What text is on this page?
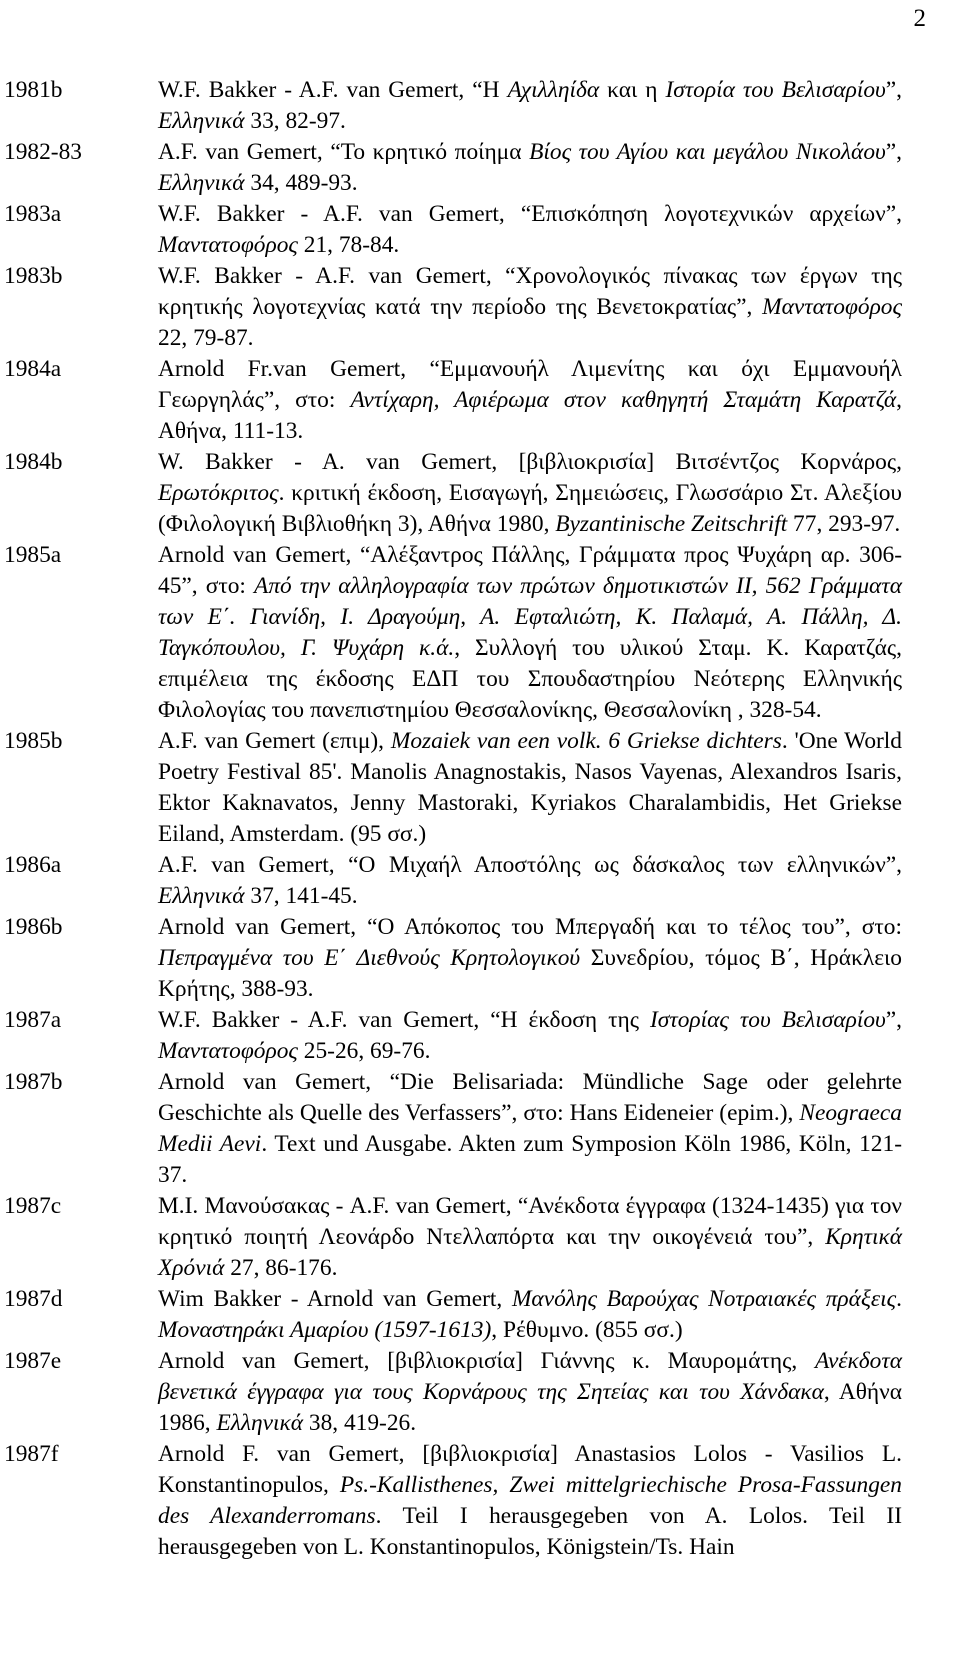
2
1981b	W.F. Bakker - A.F. van Gemert, “Η Αχιλληίδα και η Ιστορία του Βελισαρίου”, Ελληνικά 33, 82-97.
1982-83	A.F. van Gemert, “Το κρητικό ποίημα Βίος του Αγίου και μεγάλου Νικολάου”, Ελληνικά 34, 489-93.
1983a	W.F. Bakker - A.F. van Gemert, “Επισκόπηση λογοτεχνικών αρχείων”, Μαντατοφόρος 21, 78-84.
1983b	W.F. Bakker - A.F. van Gemert, “Χρονολογικός πίνακας των έργων της κρητικής λογοτεχνίας κατά την περίοδο της Βενετοκρατίας”, Μαντατοφόρος 22, 79-87.
1984a	Arnold Fr.van Gemert, “Εμμανουήλ Λιμενίτης και όχι Εμμανουήλ Γεωργηλάς”, στο: Αντίχαρη, Αφιέρωμα στον καθηγητή Σταμάτη Καρατζά, Αθήνα, 111-13.
1984b	W. Bakker - A. van Gemert, [βιβλιοκρισία] Βιτσέντζος Κορνάρος, Ερωτόκριτος. κριτική έκδοση, Εισαγωγή, Σημειώσεις, Γλωσσάριο Στ. Αλεξίου (Φιλολογική Βιβλιοθήκη 3), Αθήνα 1980, Byzantinische Zeitschrift 77, 293-97.
1985a	Arnold van Gemert, “Αλέξαντρος Πάλλης, Γράμματα προς Ψυχάρη αρ. 306-45”, στο: Από την αλληλογραφία των πρώτων δημοτικιστών ΙΙ, 562 Γράμματα των Ε΄. Γιανίδη, Ι. Δραγούμη, Α. Εφταλιώτη, Κ. Παλαμά, Α. Πάλλη, Δ. Ταγκόπουλου, Γ. Ψυχάρη κ.ά., Συλλογή του υλικού Σταμ. Κ. Καρατζάς, επιμέλεια της έκδοσης ΕΔΠ του Σπουδαστηρίου Νεότερης Ελληνικής Φιλολογίας του πανεπιστημίου Θεσσαλονίκης, Θεσσαλονίκη , 328-54.
1985b	A.F. van Gemert (επιμ), Mozaiek van een volk. 6 Griekse dichters. 'One World Poetry Festival 85'. Manolis Anagnostakis, Nasos Vayenas, Alexandros Isaris, Ektor Kaknavatos, Jenny Mastoraki, Kyriakos Charalambidis, Het Griekse Eiland, Amsterdam. (95 σσ.)
1986a	A.F. van Gemert, “Ο Μιχαήλ Αποστόλης ως δάσκαλος των ελληνικών”, Ελληνικά 37, 141-45.
1986b	Arnold van Gemert, “Ο Απόκοπος του Μπεργαδή και το τέλος του”, στο: Πεπραγμένα του Ε΄ Διεθνούς Κρητολογικού Συνεδρίου, τόμος Β΄, Ηράκλειο Κρήτης, 388-93.
1987a	W.F. Bakker - A.F. van Gemert, “Η έκδοση της Ιστορίας του Βελισαρίου”, Μαντατοφόρος 25-26, 69-76.
1987b	Arnold van Gemert, “Die Belisariada: Mündliche Sage oder gelehrte Geschichte als Quelle des Verfassers”, στο: Hans Eideneier (epim.), Neograeca Medii Aevi. Text und Ausgabe. Akten zum Symposion Köln 1986, Köln, 121-37.
1987c	M.I. Μανούσακας - A.F. van Gemert, “Ανέκδοτα έγγραφα (1324-1435) για τον κρητικό ποιητή Λεονάρδο Ντελλαπόρτα και την οικογένειά του”, Κρητικά Χρόνιά 27, 86-176.
1987d	Wim Bakker - Arnold van Gemert, Μανόλης Βαρούχας Νοτραιακές πράξεις. Μοναστηράκι Αμαρίου (1597-1613), Ρέθυμνο. (855 σσ.)
1987e	Arnold van Gemert, [βιβλιοκρισία] Γιάννης κ. Μαυρομάτης, Ανέκδοτα βενετικά έγγραφα για τους Κορνάρους της Σητείας και του Χάνδακα, Αθήνα 1986, Ελληνικά 38, 419-26.
1987f	Arnold F. van Gemert, [βιβλιοκρισία] Anastasios Lolos - Vasilios L. Konstantinopulos, Ps.-Kallisthenes, Zwei mittelgriechische Prosa-Fassungen des Alexanderromans. Teil I herausgegeben von A. Lolos. Teil II herausgegeben von L. Konstantinopulos, Königstein/Ts. Hain
